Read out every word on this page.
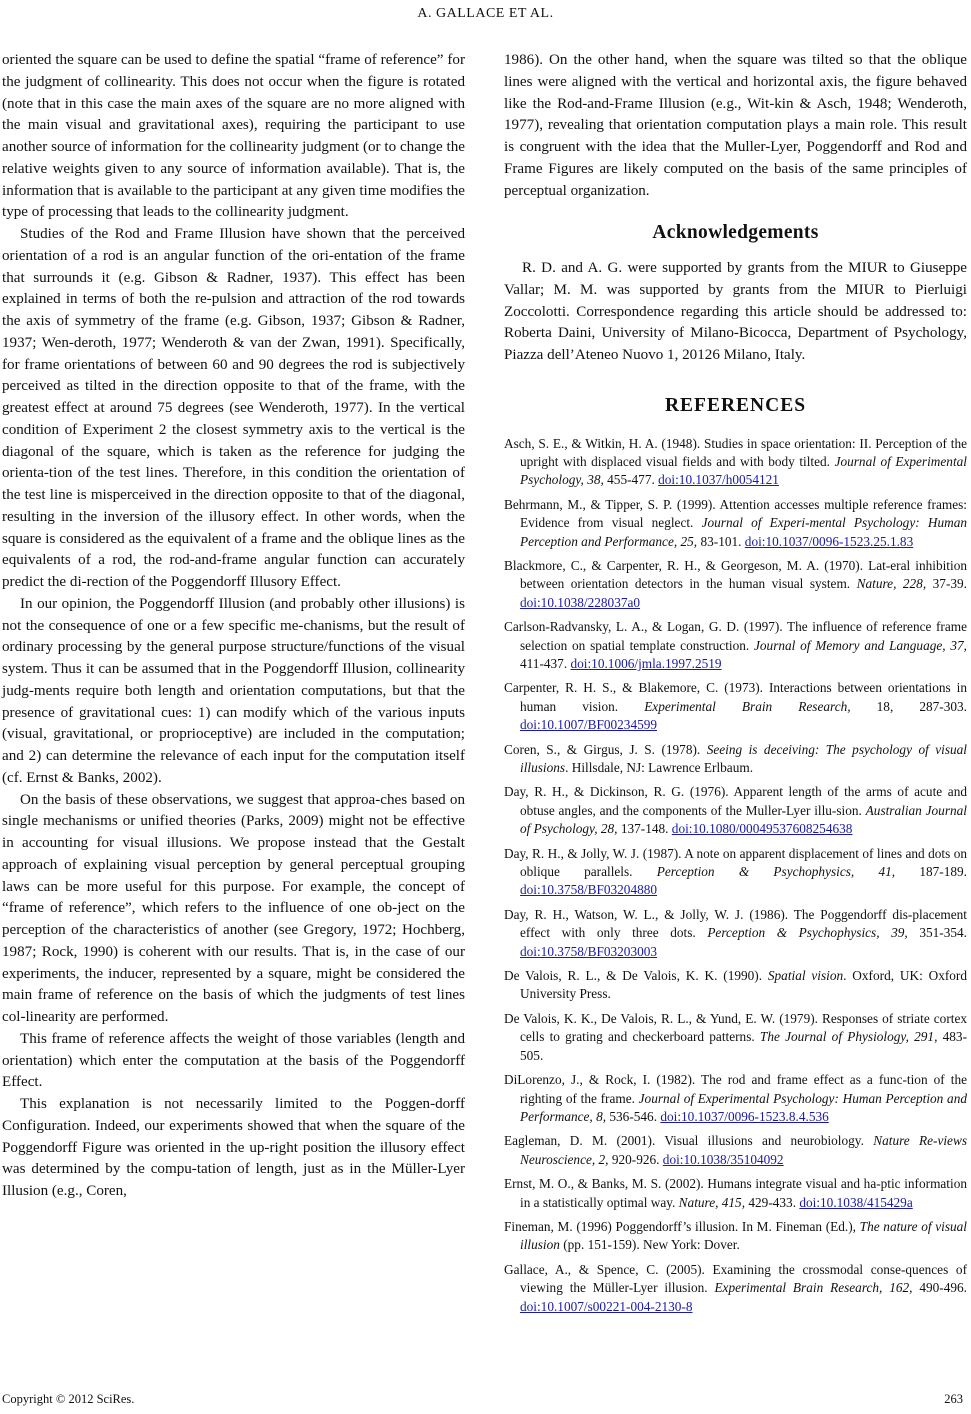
A. GALLACE ET AL.

oriented the square can be used to define the spatial “frame of reference” for the judgment of collinearity. This does not occur when the figure is rotated (note that in this case the main axes of the square are no more aligned with the main visual and gravitational axes), requiring the participant to use another source of information for the collinearity judgment (or to change the relative weights given to any source of information available). That is, the information that is available to the participant at any given time modifies the type of processing that leads to the collinearity judgment.

Studies of the Rod and Frame Illusion have shown that the perceived orientation of a rod is an angular function of the ori-entation of the frame that surrounds it (e.g. Gibson & Radner, 1937). This effect has been explained in terms of both the re-pulsion and attraction of the rod towards the axis of symmetry of the frame (e.g. Gibson, 1937; Gibson & Radner, 1937; Wen-deroth, 1977; Wenderoth & van der Zwan, 1991). Specifically, for frame orientations of between 60 and 90 degrees the rod is subjectively perceived as tilted in the direction opposite to that of the frame, with the greatest effect at around 75 degrees (see Wenderoth, 1977). In the vertical condition of Experiment 2 the closest symmetry axis to the vertical is the diagonal of the square, which is taken as the reference for judging the orienta-tion of the test lines. Therefore, in this condition the orientation of the test line is misperceived in the direction opposite to that of the diagonal, resulting in the inversion of the illusory effect. In other words, when the square is considered as the equivalent of a frame and the oblique lines as the equivalents of a rod, the rod-and-frame angular function can accurately predict the di-rection of the Poggendorff Illusory Effect.

In our opinion, the Poggendorff Illusion (and probably other illusions) is not the consequence of one or a few specific me-chanisms, but the result of ordinary processing by the general purpose structure/functions of the visual system. Thus it can be assumed that in the Poggendorff Illusion, collinearity judg-ments require both length and orientation computations, but that the presence of gravitational cues: 1) can modify which of the various inputs (visual, gravitational, or proprioceptive) are included in the computation; and 2) can determine the relevance of each input for the computation itself (cf. Ernst & Banks, 2002).

On the basis of these observations, we suggest that approa-ches based on single mechanisms or unified theories (Parks, 2009) might not be effective in accounting for visual illusions. We propose instead that the Gestalt approach of explaining visual perception by general perceptual grouping laws can be more useful for this purpose. For example, the concept of “frame of reference”, which refers to the influence of one ob-ject on the perception of the characteristics of another (see Gregory, 1972; Hochberg, 1987; Rock, 1990) is coherent with our results. That is, in the case of our experiments, the inducer, represented by a square, might be considered the main frame of reference on the basis of which the judgments of test lines col-linearity are performed.

This frame of reference affects the weight of those variables (length and orientation) which enter the computation at the basis of the Poggendorff Effect.

This explanation is not necessarily limited to the Poggen-dorff Configuration. Indeed, our experiments showed that when the square of the Poggendorff Figure was oriented in the up-right position the illusory effect was determined by the compu-tation of length, just as in the Müller-Lyer Illusion (e.g., Coren,

1986). On the other hand, when the square was tilted so that the oblique lines were aligned with the vertical and horizontal axis, the figure behaved like the Rod-and-Frame Illusion (e.g., Wit-kin & Asch, 1948; Wenderoth, 1977), revealing that orientation computation plays a main role. This result is congruent with the idea that the Muller-Lyer, Poggendorff and Rod and Frame Figures are likely computed on the basis of the same principles of perceptual organization.

Acknowledgements

R. D. and A. G. were supported by grants from the MIUR to Giuseppe Vallar; M. M. was supported by grants from the MIUR to Pierluigi Zoccolotti. Correspondence regarding this article should be addressed to: Roberta Daini, University of Milano-Bicocca, Department of Psychology, Piazza dell’Ateneo Nuovo 1, 20126 Milano, Italy.

REFERENCES

Asch, S. E., & Witkin, H. A. (1948). Studies in space orientation: II. Perception of the upright with displaced visual fields and with body tilted. Journal of Experimental Psychology, 38, 455-477. doi:10.1037/h0054121

Behrmann, M., & Tipper, S. P. (1999). Attention accesses multiple reference frames: Evidence from visual neglect. Journal of Experi-mental Psychology: Human Perception and Performance, 25, 83-101. doi:10.1037/0096-1523.25.1.83

Blackmore, C., & Carpenter, R. H., & Georgeson, M. A. (1970). Lat-eral inhibition between orientation detectors in the human visual system. Nature, 228, 37-39. doi:10.1038/228037a0

Carlson-Radvansky, L. A., & Logan, G. D. (1997). The influence of reference frame selection on spatial template construction. Journal of Memory and Language, 37, 411-437. doi:10.1006/jmla.1997.2519

Carpenter, R. H. S., & Blakemore, C. (1973). Interactions between orientations in human vision. Experimental Brain Research, 18, 287-303. doi:10.1007/BF00234599

Coren, S., & Girgus, J. S. (1978). Seeing is deceiving: The psychology of visual illusions. Hillsdale, NJ: Lawrence Erlbaum.

Day, R. H., & Dickinson, R. G. (1976). Apparent length of the arms of acute and obtuse angles, and the components of the Muller-Lyer illu-sion. Australian Journal of Psychology, 28, 137-148. doi:10.1080/00049537608254638

Day, R. H., & Jolly, W. J. (1987). A note on apparent displacement of lines and dots on oblique parallels. Perception & Psychophysics, 41, 187-189. doi:10.3758/BF03204880

Day, R. H., Watson, W. L., & Jolly, W. J. (1986). The Poggendorff dis-placement effect with only three dots. Perception & Psychophysics, 39, 351-354. doi:10.3758/BF03203003

De Valois, R. L., & De Valois, K. K. (1990). Spatial vision. Oxford, UK: Oxford University Press.

De Valois, K. K., De Valois, R. L., & Yund, E. W. (1979). Responses of striate cortex cells to grating and checkerboard patterns. The Journal of Physiology, 291, 483-505.

DiLorenzo, J., & Rock, I. (1982). The rod and frame effect as a func-tion of the righting of the frame. Journal of Experimental Psychology: Human Perception and Performance, 8, 536-546. doi:10.1037/0096-1523.8.4.536

Eagleman, D. M. (2001). Visual illusions and neurobiology. Nature Re-views Neuroscience, 2, 920-926. doi:10.1038/35104092

Ernst, M. O., & Banks, M. S. (2002). Humans integrate visual and ha-ptic information in a statistically optimal way. Nature, 415, 429-433. doi:10.1038/415429a

Fineman, M. (1996) Poggendorff’s illusion. In M. Fineman (Ed.), The nature of visual illusion (pp. 151-159). New York: Dover.

Gallace, A., & Spence, C. (2005). Examining the crossmodal conse-quences of viewing the Müller-Lyer illusion. Experimental Brain Research, 162, 490-496. doi:10.1007/s00221-004-2130-8

Copyright © 2012 SciRes.	263
